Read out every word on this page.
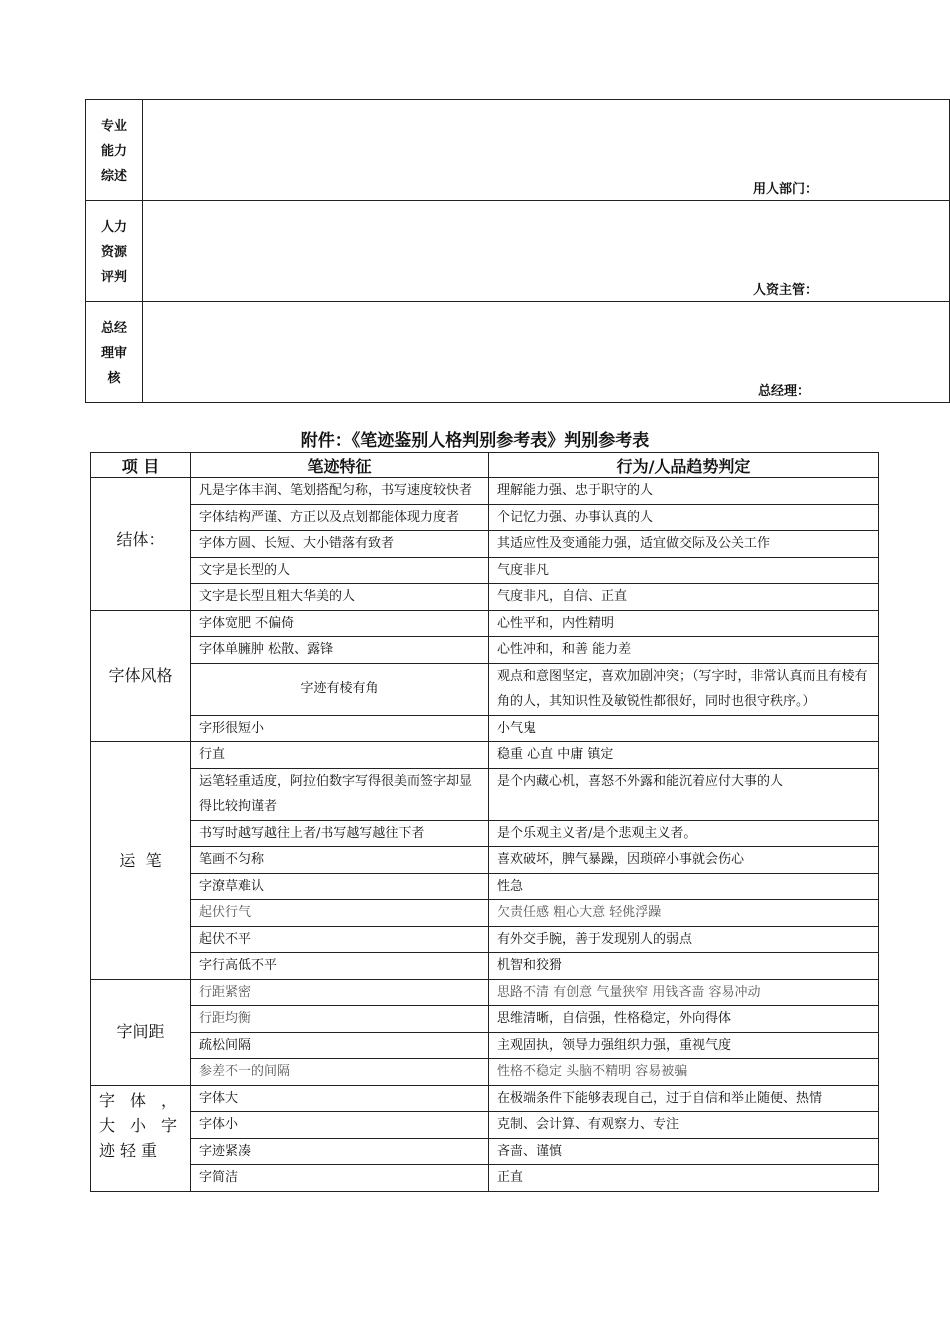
专业
能力
综述	用人部门：

人力
资源
评判	人资主管：

总经
理审
核	总经理：
附件：《笔迹鉴别人格判别参考表》判别参考表
项 目	笔迹特征	行为/人品趋势判定
结体：	凡是字体丰润、笔划搭配匀称，书写速度较快者	理解能力强、忠于职守的人
	字体结构严谨、方正以及点划都能体现力度者	个记忆力强、办事认真的人
	字体方圆、长短、大小错落有致者	其适应性及变通能力强，适宜做交际及公关工作
	文字是长型的人	气度非凡
	文字是长型且粗大华美的人	气度非凡，自信、正直
字体风格	字体宽肥 不偏倚	心性平和，内性精明
	字体单臃肿 松散、露锋	心性冲和，和善 能力差
	字迹有棱有角	观点和意图坚定，喜欢加剧冲突；（写字时，非常认真而且有棱有角的人，其知识性及敏锐性都很好，同时也很守秩序。）
	字形很短小	小气鬼
运  笔	行直	稳重 心直 中庸 镇定
	运笔轻重适度，阿拉伯数字写得很美而签字却显得比较拘谨者	是个内藏心机，喜怒不外露和能沉着应付大事的人
	书写时越写越往上者/书写越写越往下者	是个乐观主义者/是个悲观主义者。
	笔画不匀称	喜欢破坏，脾气暴躁，因琐碎小事就会伤心
	字潦草难认	性急
	起伏行气	欠责任感 粗心大意 轻佻浮躁
	起伏不平	有外交手腕，善于发现别人的弱点
	字行高低不平	机智和狡猾
字间距	行距紧密	思路不清 有创意 气量狭窄 用钱吝啬 容易冲动
	行距均衡	思维清晰，自信强，性格稳定，外向得体
	疏松间隔	主观固执，领导力强组织力强，重视气度
	参差不一的间隔	性格不稳定 头脑不精明 容易被骗
字体，大小字迹轻重	字体大	在极端条件下能够表现自己，过于自信和举止随便、热情
	字体小	克制、会计算、有观察力、专注
	字迹紧凑	吝啬、谨慎
	字简洁	正直
